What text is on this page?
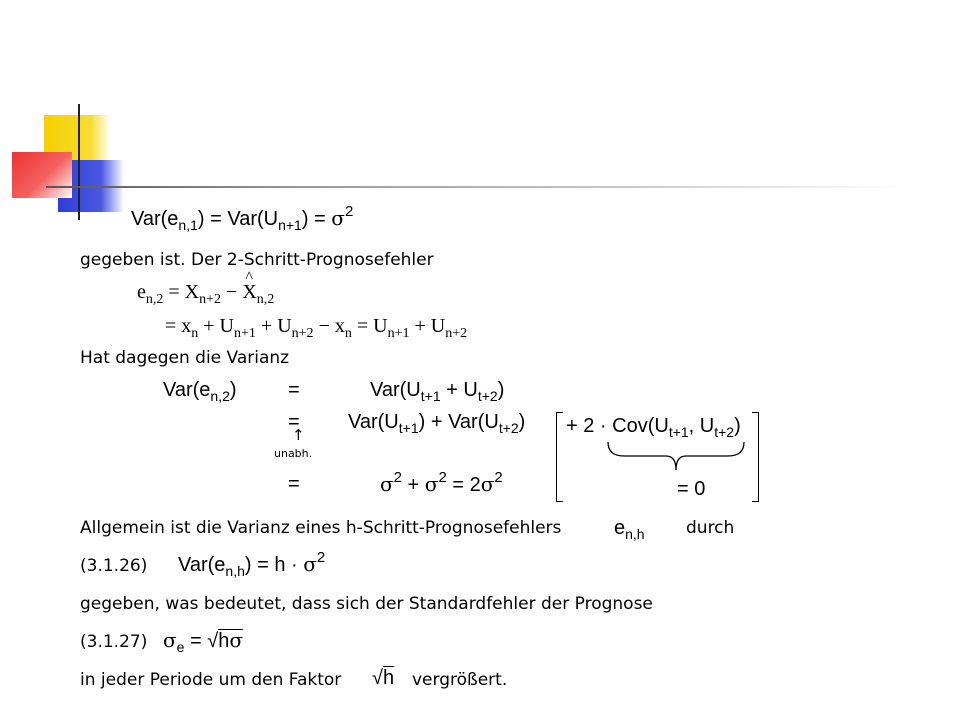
$Var(e_{n,1}) = Var(U_{n+1}) = \sigma^2$
gegeben ist. Der 2-Schritt-Prognosefehler
$e_{n,2} = X_{n+2}$ − ^ $X_{n,2}$
= $x_n + U_{n+1} + U_{n+2} - x_n = U_{n+1} + U_{n+2}$
Hat dagegen die Varianz
$Var(e_{n,2})$	=	$Var(U_{t+1} + U_{t+2})$
= $Var(U_{t+1}) + Var(U_{t+2}) + 2 \cdot Cov(U_{t+1}$, $U_{t+2}$)
= 0
↑
unabh.
=	$\sigma^2 + \sigma^2 = 2\sigma^2$
Allgemein ist die Varianz eines h-Schritt-Prognosefehlers	$e_{n,h}$ durch
(3.1.26) $Var(e_{n,h}) = h \cdot \sigma^2$
gegeben, was bedeutet, dass sich der Standardfehler der Prognose
(3.1.27) $\sigma_e = √h\sigma$
in jeder Periode um den Faktor √h vergrößert.
